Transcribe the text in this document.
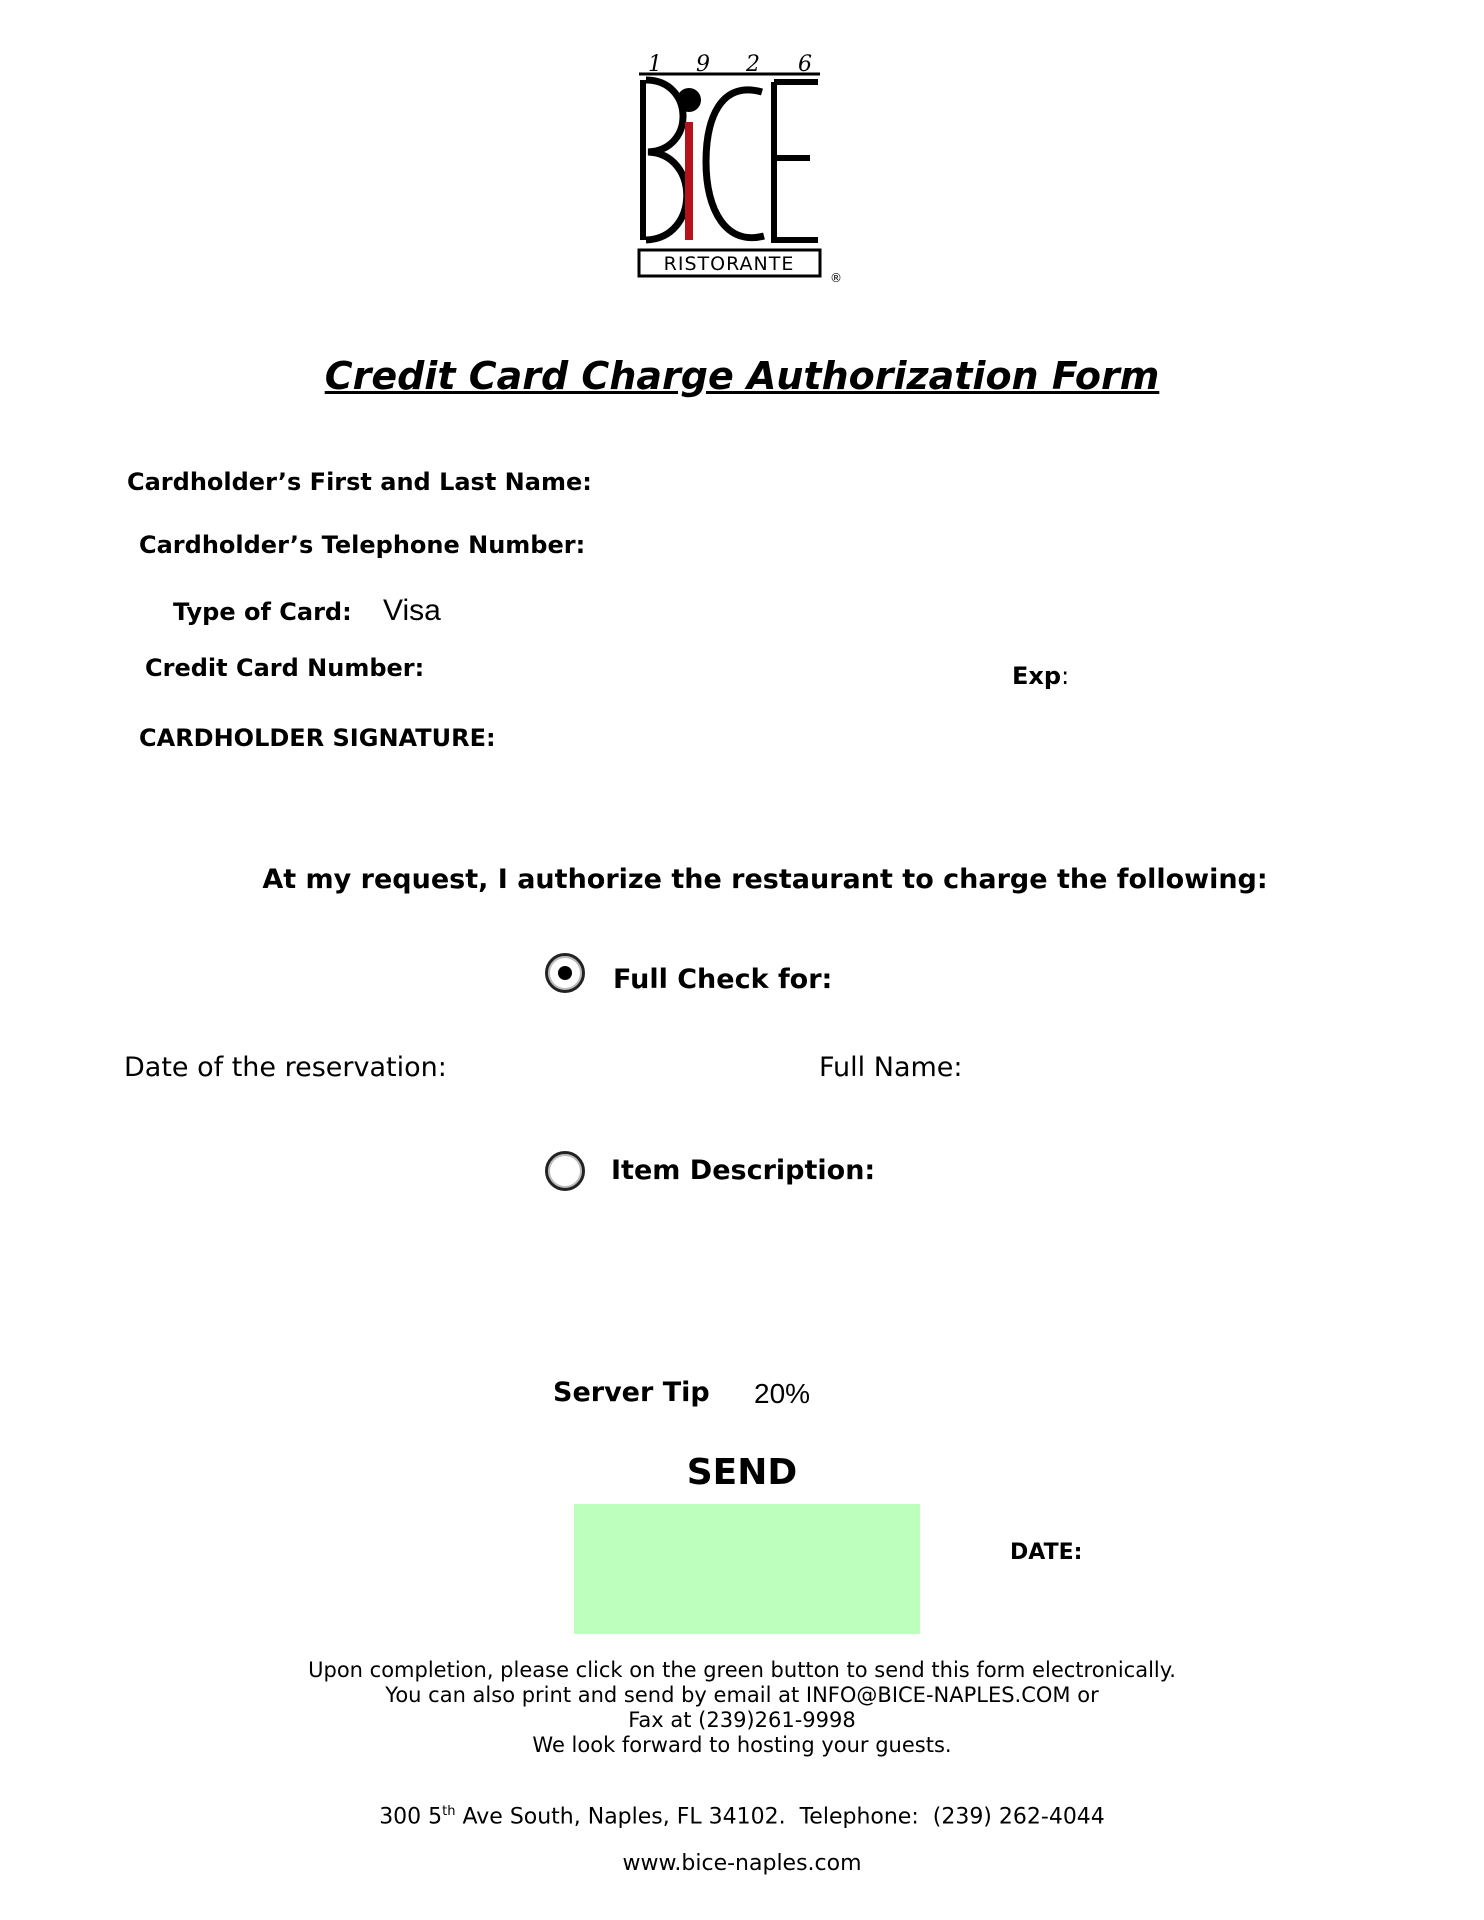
1 9 2 6
RISTORANTE
®
Credit Card Charge Authorization Form
Cardholder’s First and Last Name:
Cardholder’s Telephone Number:
Type of Card: Visa
Credit Card Number:	Exp:
CARDHOLDER SIGNATURE:
At my request, I authorize the restaurant to charge the following:
Full Check for:
Date of the reservation:	Full Name:
Item Description:
Server Tip 20%
SEND
DATE:
Upon completion, please click on the green button to send this form electronically.
You can also print and send by email at INFO@BICE-NAPLES.COM or
Fax at (239)261-9998
We look forward to hosting your guests.
300 5th Ave South, Naples, FL 34102.  Telephone:  (239) 262-4044
www.bice-naples.com
